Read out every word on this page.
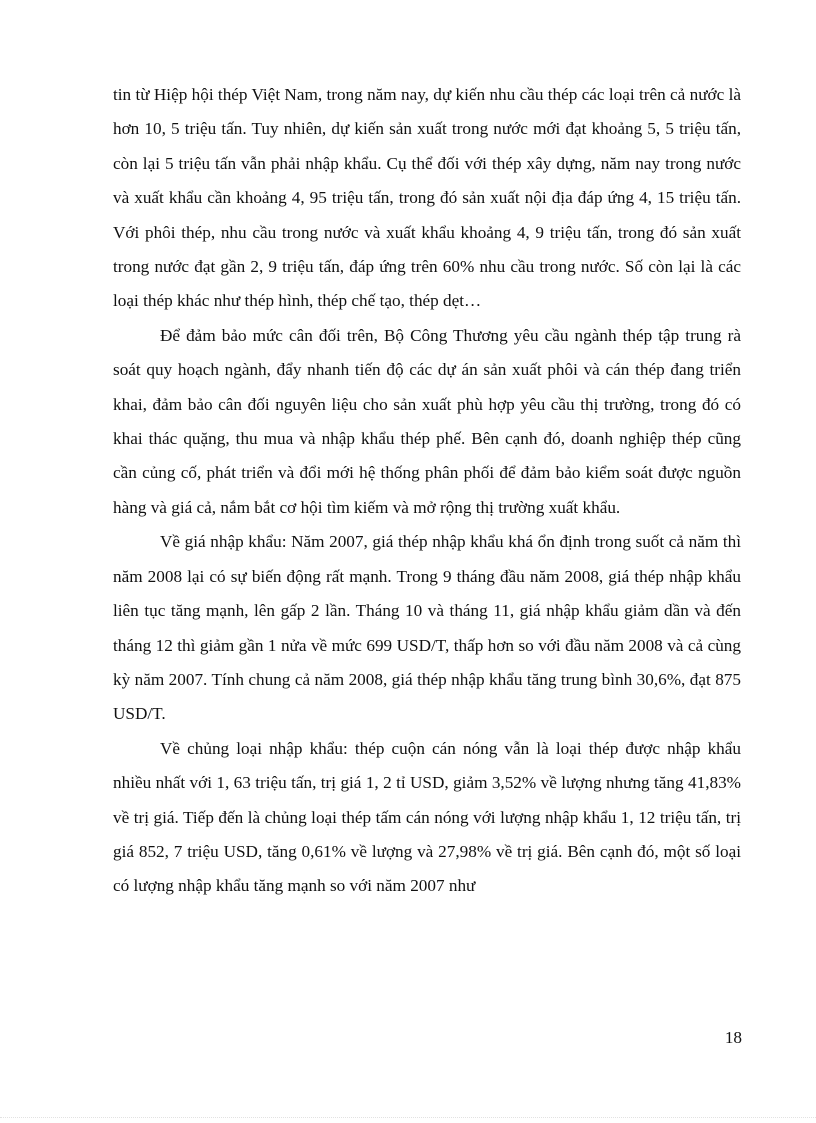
tin từ Hiệp hội thép Việt Nam, trong năm nay, dự kiến nhu cầu thép các loại trên cả nước là hơn 10, 5 triệu tấn. Tuy nhiên, dự kiến sản xuất trong nước mới đạt khoảng 5, 5 triệu tấn, còn lại 5 triệu tấn vẫn phải nhập khẩu. Cụ thể đối với thép xây dựng, năm nay trong nước và xuất khẩu cần khoảng 4, 95 triệu tấn, trong đó sản xuất nội địa đáp ứng 4, 15 triệu tấn. Với phôi thép, nhu cầu trong nước và xuất khẩu khoảng 4, 9 triệu tấn, trong đó sản xuất trong nước đạt gần 2, 9 triệu tấn, đáp ứng trên 60% nhu cầu trong nước. Số còn lại là các loại thép khác như thép hình, thép chế tạo, thép dẹt…

Để đảm bảo mức cân đối trên, Bộ Công Thương yêu cầu ngành thép tập trung rà soát quy hoạch ngành, đẩy nhanh tiến độ các dự án sản xuất phôi và cán thép đang triển khai, đảm bảo cân đối nguyên liệu cho sản xuất phù hợp yêu cầu thị trường, trong đó có khai thác quặng, thu mua và nhập khẩu thép phế. Bên cạnh đó, doanh nghiệp thép cũng cần củng cố, phát triển và đổi mới hệ thống phân phối để đảm bảo kiểm soát được nguồn hàng và giá cả, nắm bắt cơ hội tìm kiếm và mở rộng thị trường xuất khẩu.

Về giá nhập khẩu: Năm 2007, giá thép nhập khẩu khá ổn định trong suốt cả năm thì năm 2008 lại có sự biến động rất mạnh. Trong 9 tháng đầu năm 2008, giá thép nhập khẩu liên tục tăng mạnh, lên gấp 2 lần. Tháng 10 và tháng 11, giá nhập khẩu giảm dần và đến tháng 12 thì giảm gần 1 nửa về mức 699 USD/T, thấp hơn so với đầu năm 2008 và cả cùng kỳ năm 2007. Tính chung cả năm 2008, giá thép nhập khẩu tăng trung bình 30,6%, đạt 875 USD/T.

Về chủng loại nhập khẩu: thép cuộn cán nóng vẫn là loại thép được nhập khẩu nhiều nhất với 1, 63 triệu tấn, trị giá 1, 2 tỉ USD, giảm 3,52% về lượng nhưng tăng 41,83% về trị giá. Tiếp đến là chủng loại thép tấm cán nóng với lượng nhập khẩu 1, 12 triệu tấn, trị giá 852, 7 triệu USD, tăng 0,61% về lượng và 27,98% về trị giá. Bên cạnh đó, một số loại có lượng nhập khẩu tăng mạnh so với năm 2007 như

18
